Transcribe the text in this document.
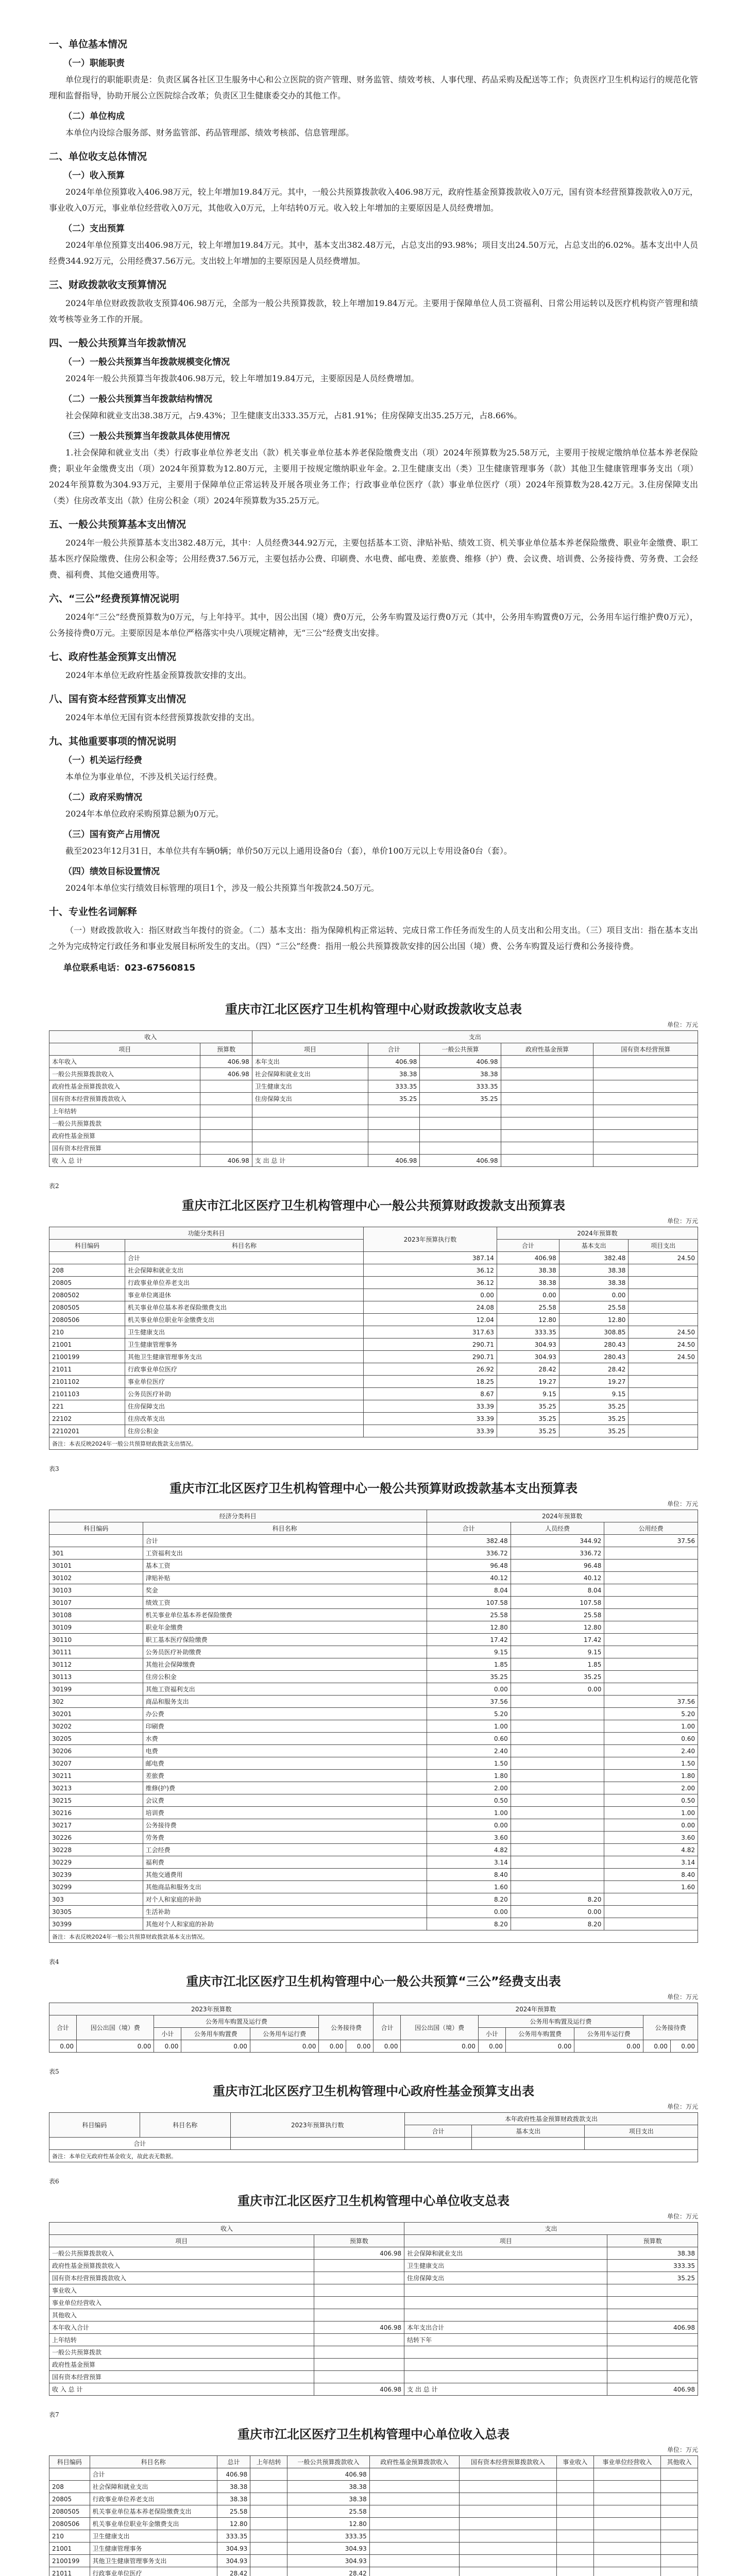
一、单位基本情况
（一）职能职责

单位现行的职能职责是：负责区属各社区卫生服务中心和公立医院的资产管理、财务监管、绩效考核、人事代理、药品采购及配送等工作；负责医疗卫生机构运行的规范化管理和监督指导，协助开展公立医院综合改革；负责区卫生健康委交办的其他工作。

（二）单位构成

本单位内设综合服务部、财务监管部、药品管理部、绩效考核部、信息管理部。

二、单位收支总体情况
（一）收入预算

2024年单位预算收入406.98万元，较上年增加19.84万元。其中，一般公共预算拨款收入406.98万元，政府性基金预算拨款收入0万元，国有资本经营预算拨款收入0万元，事业收入0万元，事业单位经营收入0万元，其他收入0万元，上年结转0万元。收入较上年增加的主要原因是人员经费增加。

（二）支出预算

2024年单位预算支出406.98万元，较上年增加19.84万元。其中，基本支出382.48万元，占总支出的93.98%；项目支出24.50万元，占总支出的6.02%。基本支出中人员经费344.92万元，公用经费37.56万元。支出较上年增加的主要原因是人员经费增加。

三、财政拨款收支预算情况

2024年单位财政拨款收支预算406.98万元，全部为一般公共预算拨款，较上年增加19.84万元。主要用于保障单位人员工资福利、日常公用运转以及医疗机构资产管理和绩效考核等业务工作的开展。

四、一般公共预算当年拨款情况
（一）一般公共预算当年拨款规模变化情况

2024年一般公共预算当年拨款406.98万元，较上年增加19.84万元，主要原因是人员经费增加。

（二）一般公共预算当年拨款结构情况

社会保障和就业支出38.38万元，占9.43%；卫生健康支出333.35万元，占81.91%；住房保障支出35.25万元，占8.66%。

（三）一般公共预算当年拨款具体使用情况

1.社会保障和就业支出（类）行政事业单位养老支出（款）机关事业单位基本养老保险缴费支出（项）2024年预算数为25.58万元，主要用于按规定缴纳单位基本养老保险费；职业年金缴费支出（项）2024年预算数为12.80万元，主要用于按规定缴纳职业年金。2.卫生健康支出（类）卫生健康管理事务（款）其他卫生健康管理事务支出（项）2024年预算数为304.93万元，主要用于保障单位正常运转及开展各项业务工作；行政事业单位医疗（款）事业单位医疗（项）2024年预算数为28.42万元。3.住房保障支出（类）住房改革支出（款）住房公积金（项）2024年预算数为35.25万元。

五、一般公共预算基本支出情况

2024年一般公共预算基本支出382.48万元，其中：人员经费344.92万元，主要包括基本工资、津贴补贴、绩效工资、机关事业单位基本养老保险缴费、职业年金缴费、职工基本医疗保险缴费、住房公积金等；公用经费37.56万元，主要包括办公费、印刷费、水电费、邮电费、差旅费、维修（护）费、会议费、培训费、公务接待费、劳务费、工会经费、福利费、其他交通费用等。

六、“三公”经费预算情况说明

2024年“三公”经费预算数为0万元，与上年持平。其中，因公出国（境）费0万元，公务车购置及运行费0万元（其中，公务用车购置费0万元，公务用车运行维护费0万元），公务接待费0万元。主要原因是本单位严格落实中央八项规定精神，无“三公”经费支出安排。

七、政府性基金预算支出情况

2024年本单位无政府性基金预算拨款安排的支出。

八、国有资本经营预算支出情况

2024年本单位无国有资本经营预算拨款安排的支出。

九、其他重要事项的情况说明
（一）机关运行经费

本单位为事业单位，不涉及机关运行经费。

（二）政府采购情况

2024年本单位政府采购预算总额为0万元。

（三）国有资产占用情况

截至2023年12月31日，本单位共有车辆0辆；单价50万元以上通用设备0台（套），单价100万元以上专用设备0台（套）。

（四）绩效目标设置情况

2024年本单位实行绩效目标管理的项目1个，涉及一般公共预算当年拨款24.50万元。

十、专业性名词解释

（一）财政拨款收入：指区财政当年拨付的资金。（二）基本支出：指为保障机构正常运转、完成日常工作任务而发生的人员支出和公用支出。（三）项目支出：指在基本支出之外为完成特定行政任务和事业发展目标所发生的支出。（四）“三公”经费：指用一般公共预算拨款安排的因公出国（境）费、公务车购置及运行费和公务接待费。

单位联系电话：023-67560815
重庆市江北区医疗卫生机构管理中心财政拨款收支总表
单位：万元
收入		支出				
项目	预算数	项目	合计	一般公共预算	政府性基金预算	国有资本经营预算
本年收入	406.98	本年支出	406.98	406.98		
一般公共预算拨款收入	406.98	社会保障和就业支出	38.38	38.38		
政府性基金预算拨款收入		卫生健康支出	333.35	333.35		
国有资本经营预算拨款收入		住房保障支出	35.25	35.25		
上年结转						
一般公共预算拨款						
政府性基金预算						
国有资本经营预算						
收 入 总 计	406.98	支 出 总 计	406.98	406.98		
表2
重庆市江北区医疗卫生机构管理中心一般公共预算财政拨款支出预算表
单位：万元
功能分类科目		2023年预算执行数	2024年预算数		
科目编码	科目名称		合计	基本支出	项目支出
	合计	387.14	406.98	382.48	24.50
208	社会保障和就业支出	36.12	38.38	38.38	
20805	行政事业单位养老支出	36.12	38.38	38.38	
2080502	事业单位离退休	0.00	0.00	0.00	
2080505	机关事业单位基本养老保险缴费支出	24.08	25.58	25.58	
2080506	机关事业单位职业年金缴费支出	12.04	12.80	12.80	
210	卫生健康支出	317.63	333.35	308.85	24.50
21001	卫生健康管理事务	290.71	304.93	280.43	24.50
2100199	其他卫生健康管理事务支出	290.71	304.93	280.43	24.50
21011	行政事业单位医疗	26.92	28.42	28.42	
2101102	事业单位医疗	18.25	19.27	19.27	
2101103	公务员医疗补助	8.67	9.15	9.15	
221	住房保障支出	33.39	35.25	35.25	
22102	住房改革支出	33.39	35.25	35.25	
2210201	住房公积金	33.39	35.25	35.25	
备注：本表反映2024年一般公共预算财政拨款支出情况。					
表3
重庆市江北区医疗卫生机构管理中心一般公共预算财政拨款基本支出预算表
单位：万元
经济分类科目		2024年预算数		
科目编码	科目名称	合计	人员经费	公用经费
	合计	382.48	344.92	37.56
301	工资福利支出	336.72	336.72	
30101	基本工资	96.48	96.48	
30102	津贴补贴	40.12	40.12	
30103	奖金	8.04	8.04	
30107	绩效工资	107.58	107.58	
30108	机关事业单位基本养老保险缴费	25.58	25.58	
30109	职业年金缴费	12.80	12.80	
30110	职工基本医疗保险缴费	17.42	17.42	
30111	公务员医疗补助缴费	9.15	9.15	
30112	其他社会保障缴费	1.85	1.85	
30113	住房公积金	35.25	35.25	
30199	其他工资福利支出	0.00	0.00	
302	商品和服务支出	37.56		37.56
30201	办公费	5.20		5.20
30202	印刷费	1.00		1.00
30205	水费	0.60		0.60
30206	电费	2.40		2.40
30207	邮电费	1.50		1.50
30211	差旅费	1.80		1.80
30213	维修(护)费	2.00		2.00
30215	会议费	0.50		0.50
30216	培训费	1.00		1.00
30217	公务接待费	0.00		0.00
30226	劳务费	3.60		3.60
30228	工会经费	4.82		4.82
30229	福利费	3.14		3.14
30239	其他交通费用	8.40		8.40
30299	其他商品和服务支出	1.60		1.60
303	对个人和家庭的补助	8.20	8.20	
30305	生活补助	0.00	0.00	
30399	其他对个人和家庭的补助	8.20	8.20	
备注：本表反映2024年一般公共预算财政拨款基本支出情况。				
表4
重庆市江北区医疗卫生机构管理中心一般公共预算“三公”经费支出表
单位：万元
2023年预算数							2024年预算数						
合计	因公出国（境）费	公务用车购置及运行费			公务接待费		合计	因公出国（境）费	公务用车购置及运行费			公务接待费	
		小计	公务用车购置费	公务用车运行费					小计	公务用车购置费	公务用车运行费		
0.00	0.00	0.00	0.00	0.00	0.00	0.00	0.00	0.00	0.00	0.00	0.00	0.00	0.00
表5
重庆市江北区医疗卫生机构管理中心政府性基金预算支出表
单位：万元
科目编码	科目名称	2023年预算执行数	本年政府性基金预算财政拨款支出		
			合计	基本支出	项目支出
合计					
备注：本单位无政府性基金收支，故此表无数据。					
表6
重庆市江北区医疗卫生机构管理中心单位收支总表
单位：万元
收入		支出	
项目	预算数	项目	预算数
一般公共预算拨款收入	406.98	社会保障和就业支出	38.38
政府性基金预算拨款收入		卫生健康支出	333.35
国有资本经营预算拨款收入		住房保障支出	35.25
事业收入			
事业单位经营收入			
其他收入			
本年收入合计	406.98	本年支出合计	406.98
上年结转		结转下年	
一般公共预算拨款			
政府性基金预算			
国有资本经营预算			
收 入 总 计	406.98	支 出 总 计	406.98
表7
重庆市江北区医疗卫生机构管理中心单位收入总表
单位：万元
科目编码	科目名称	总计	上年结转	一般公共预算拨款收入	政府性基金预算拨款收入	国有资本经营预算拨款收入	事业收入	事业单位经营收入	其他收入
	合计	406.98		406.98					
208	社会保障和就业支出	38.38		38.38					
20805	行政事业单位养老支出	38.38		38.38					
2080505	机关事业单位基本养老保险缴费支出	25.58		25.58					
2080506	机关事业单位职业年金缴费支出	12.80		12.80					
210	卫生健康支出	333.35		333.35					
21001	卫生健康管理事务	304.93		304.93					
2100199	其他卫生健康管理事务支出	304.93		304.93					
21011	行政事业单位医疗	28.42		28.42					
